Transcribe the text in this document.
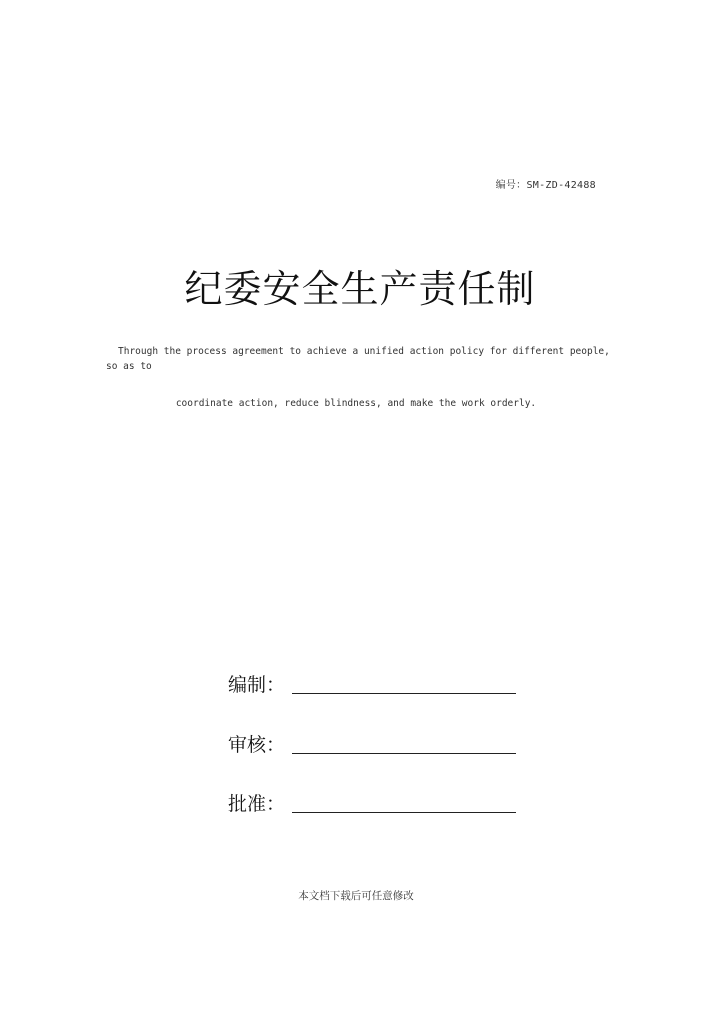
编号：SM-ZD-42488
纪委安全生产责任制
Through the process agreement to achieve a unified action policy for different people, so as to
coordinate action, reduce blindness, and make the work orderly.
编制：
审核：
批准：
本文档下载后可任意修改
